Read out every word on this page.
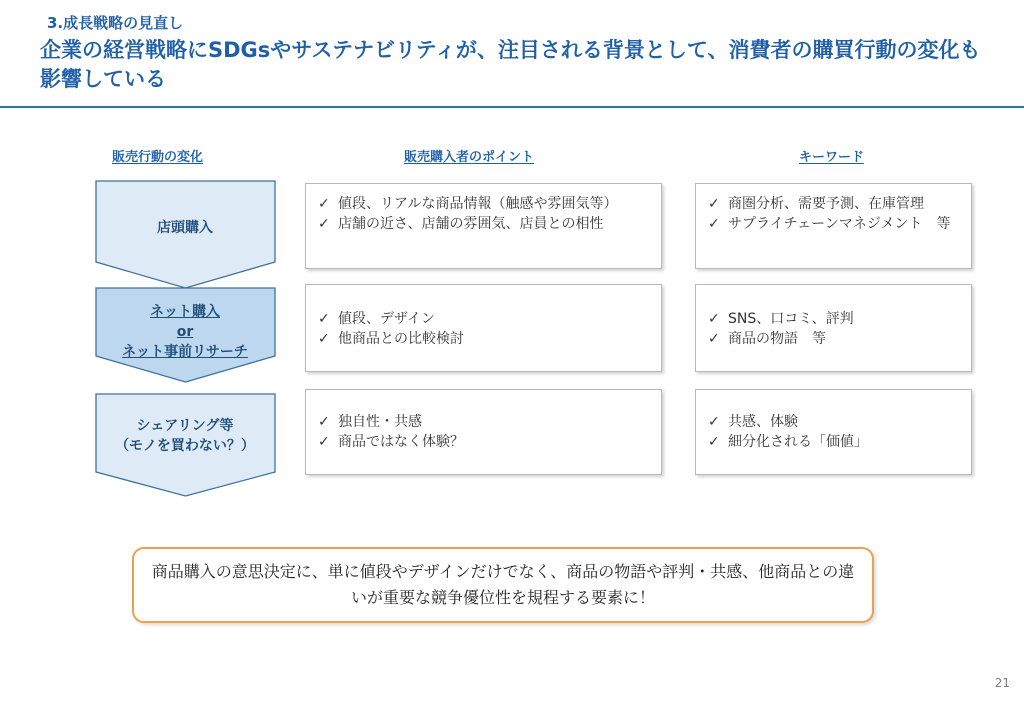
3.成長戦略の見直し
企業の経営戦略にSDGsやサステナビリティが、注目される背景として、消費者の購買行動の変化も影響している
販売行動の変化	販売購入者のポイント	キーワード
店頭購入
ネット購入
or
ネット事前リサーチ
シェアリング等
（モノを買わない？）
✓ 値段、リアルな商品情報（触感や雰囲気等）
✓ 店舗の近さ、店舗の雰囲気、店員との相性
✓ 値段、デザイン
✓ 他商品との比較検討
✓ 独自性・共感
✓ 商品ではなく体験？
✓ 商圏分析、需要予測、在庫管理
✓ サプライチェーンマネジメント　等
✓ SNS、口コミ、評判
✓ 商品の物語　等
✓ 共感、体験
✓ 細分化される「価値」
商品購入の意思決定に、単に値段やデザインだけでなく、商品の物語や評判・共感、他商品との違いが重要な競争優位性を規程する要素に！
21
